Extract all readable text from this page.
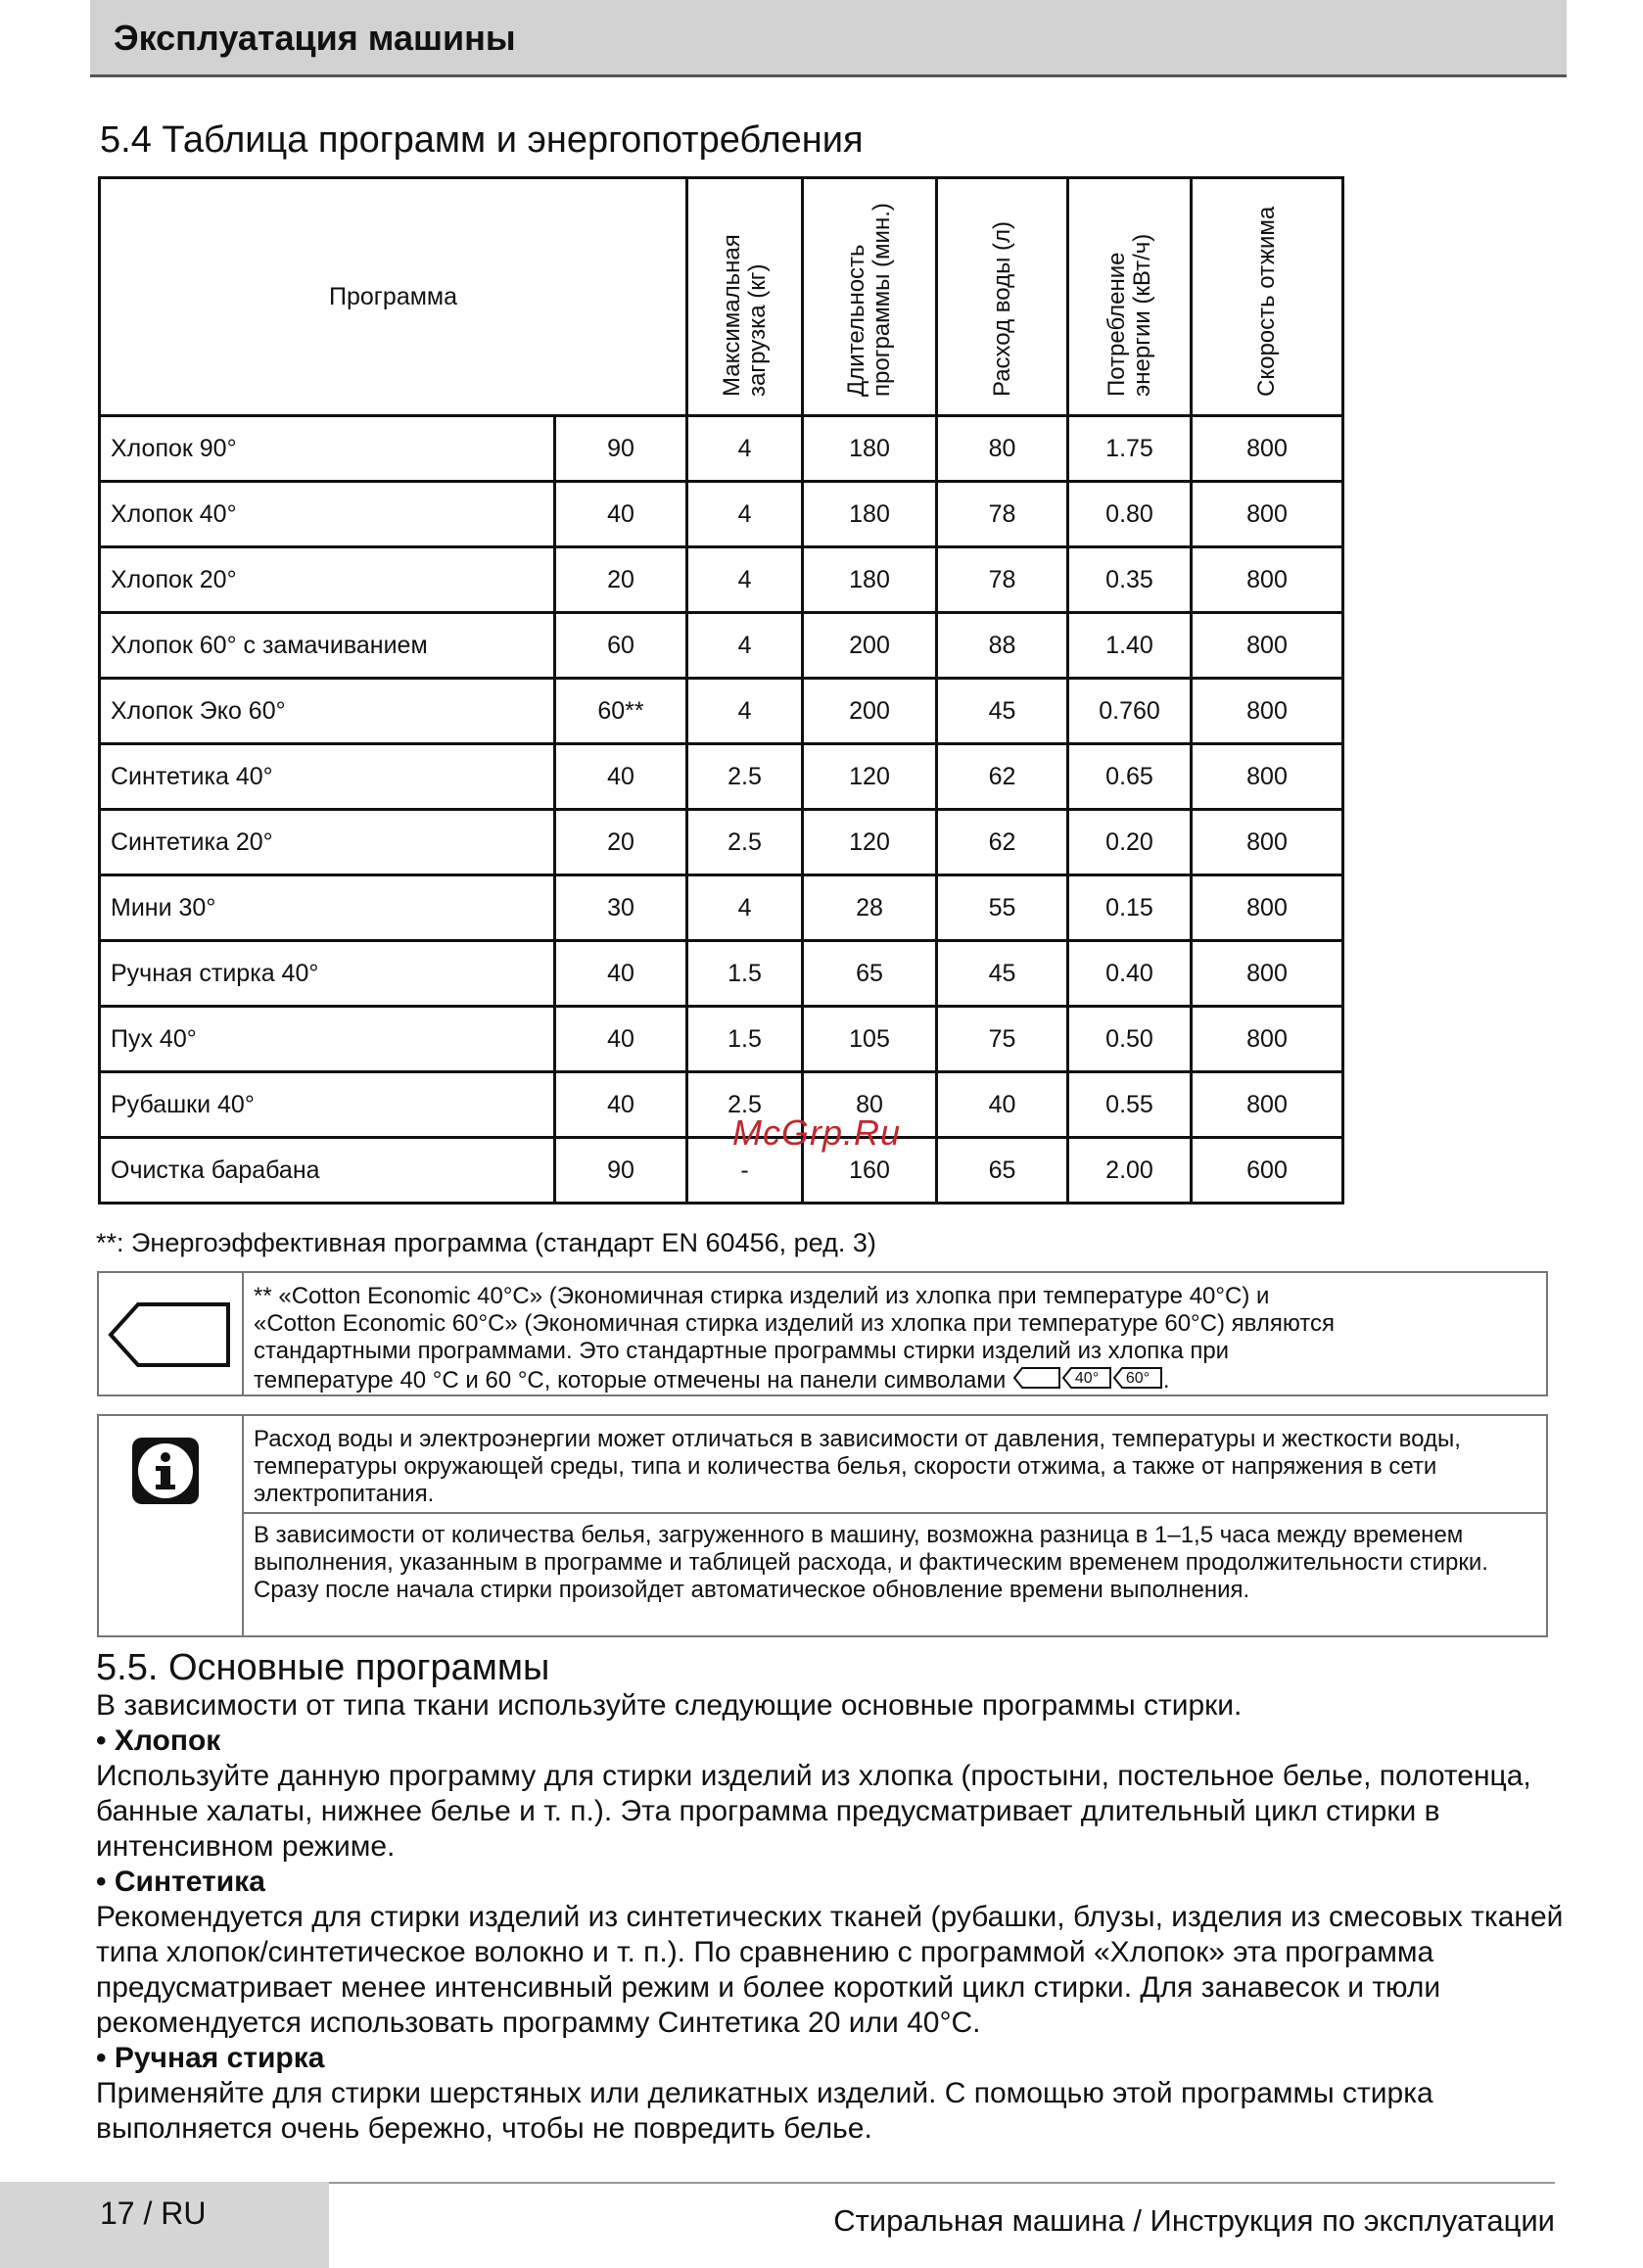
Эксплуатация машины
5.4 Таблица программ и энергопотребления
Программа		Максимальная загрузка (кг)	Длительность программы (мин.)	Расход воды (л)	Потребление энергии (кВт/ч)	Скорость отжима
Хлопок 90°	90	4	180	80	1.75	800
Хлопок 40°	40	4	180	78	0.80	800
Хлопок 20°	20	4	180	78	0.35	800
Хлопок 60° с замачиванием	60	4	200	88	1.40	800
Хлопок Эко 60°	60**	4	200	45	0.760	800
Синтетика 40°	40	2.5	120	62	0.65	800
Синтетика 20°	20	2.5	120	62	0.20	800
Мини 30°	30	4	28	55	0.15	800
Ручная стирка 40°	40	1.5	65	45	0.40	800
Пух 40°	40	1.5	105	75	0.50	800
Рубашки 40°	40	2.5	80	40	0.55	800
Очистка барабана	90	-	160	65	2.00	600
McGrp.Ru
**: Энергоэффективная программа (стандарт EN 60456, ред. 3)
** «Cotton Economic 40°C» (Экономичная стирка изделий из хлопка при температуре 40°C) и
«Cotton Economic 60°C» (Экономичная стирка изделий из хлопка при температуре 60°C) являются
стандартными программами. Это стандартные программы стирки изделий из хлопка при
температуре 40 °С и 60 °С, которые отмечены на панели символами	40° 60° .
Расход воды и электроэнергии может отличаться в зависимости от давления, температуры и жесткости воды, температуры окружающей среды, типа и количества белья, скорости отжима, а также от напряжения в сети электропитания.
В зависимости от количества белья, загруженного в машину, возможна разница в 1–1,5 часа между временем выполнения, указанным в программе и таблицей расхода, и фактическим временем продолжительности стирки. Сразу после начала стирки произойдет автоматическое обновление времени выполнения.
5.5. Основные программы
В зависимости от типа ткани используйте следующие основные программы стирки.
• Хлопок
Используйте данную программу для стирки изделий из хлопка (простыни, постельное белье, полотенца, банные халаты, нижнее белье и т. п.). Эта программа предусматривает длительный цикл стирки в интенсивном режиме.
• Синтетика
Рекомендуется для стирки изделий из синтетических тканей (рубашки, блузы, изделия из смесовых тканей типа хлопок/синтетическое волокно и т. п.). По сравнению с программой «Хлопок» эта программа предусматривает менее интенсивный режим и более короткий цикл стирки. Для занавесок и тюли рекомендуется использовать программу Синтетика 20 или 40°С.
• Ручная стирка
Применяйте для стирки шерстяных или деликатных изделий. С помощью этой программы стирка выполняется очень бережно, чтобы не повредить белье.
17 / RU	Стиральная машина / Инструкция по эксплуатации
